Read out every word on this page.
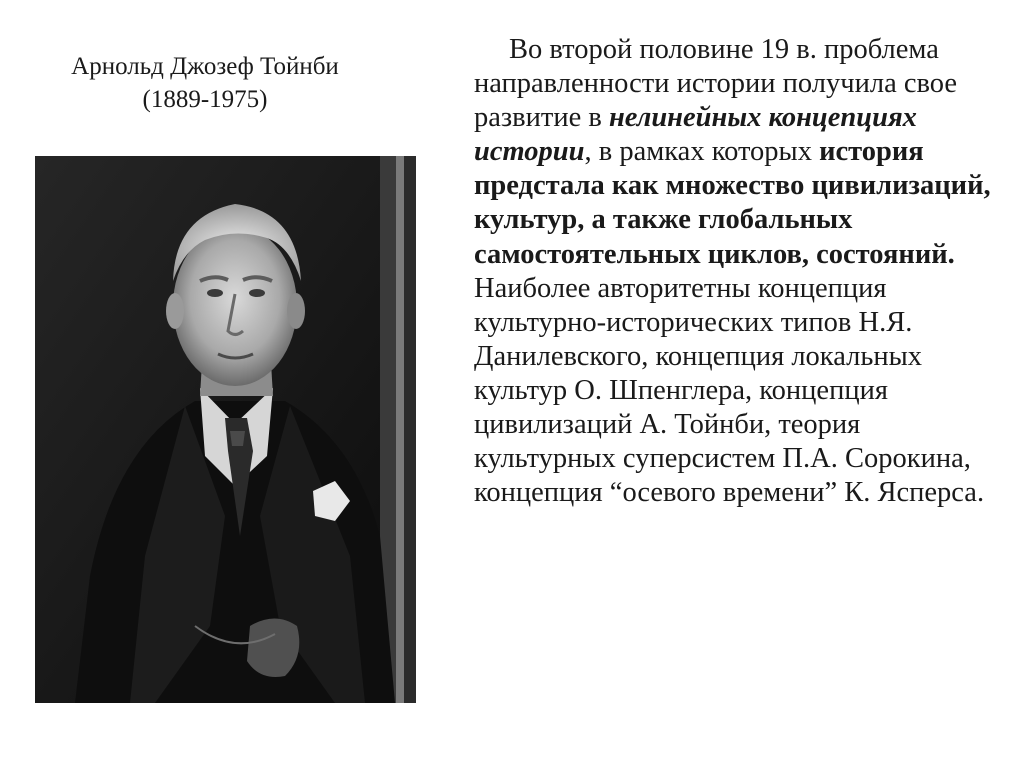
Арнольд Джозеф Тойнби
(1889-1975)

Во второй половине 19 в. проблема направленности истории получила свое развитие в нелинейных концепциях истории, в рамках которых история предстала как множество цивилизаций, культур, а также глобальных самостоятельных циклов, состояний. Наиболее авторитетны концепция культурно-исторических типов Н.Я. Данилевского, концепция локальных культур О. Шпенглера, концепция цивилизаций А. Тойнби, теория культурных суперсистем П.А. Сорокина, концепция “осевого времени” К. Ясперса.
